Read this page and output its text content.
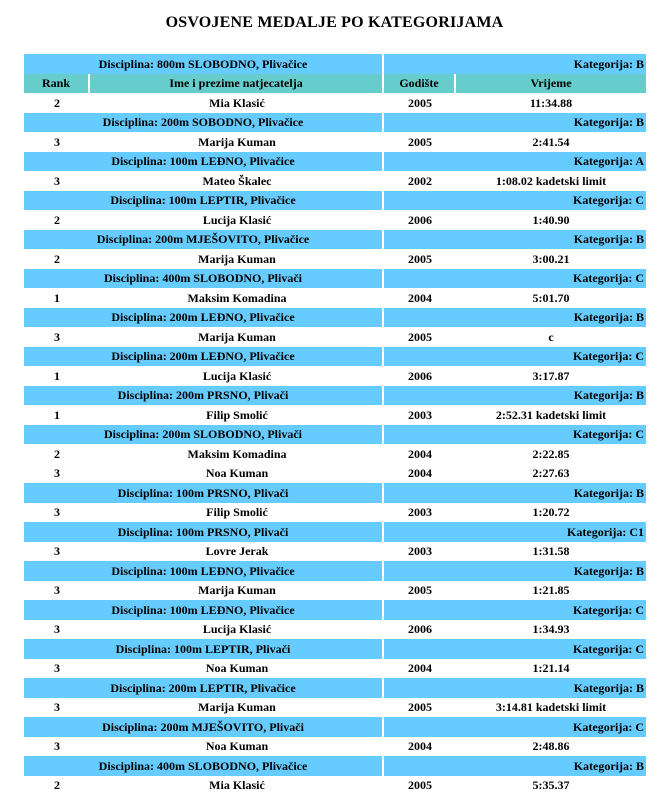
OSVOJENE MEDALJE PO KATEGORIJAMA
Disciplina: 800m SLOBODNO, Plivačice		Kategorija: B	
Rank	Ime i prezime natjecatelja	Godište	Vrijeme
2	Mia Klasić	2005	11:34.88
Disciplina: 200m SOBODNO, Plivačice		Kategorija: B	
3	Marija Kuman	2005	2:41.54
Disciplina: 100m LEĐNO, Plivačice		Kategorija: A	
3	Mateo Škalec	2002	1:08.02 kadetski limit
Disciplina: 100m LEPTIR, Plivačice		Kategorija: C	
2	Lucija Klasić	2006	1:40.90
Disciplina: 200m MJEŠOVITO, Plivačice		Kategorija: B	
2	Marija Kuman	2005	3:00.21
Disciplina: 400m SLOBODNO, Plivači		Kategorija: C	
1	Maksim Komadina	2004	5:01.70
Disciplina: 200m LEĐNO, Plivačice		Kategorija: B	
3	Marija Kuman	2005	c
Disciplina: 200m LEĐNO, Plivačice		Kategorija: C	
1	Lucija Klasić	2006	3:17.87
Disciplina: 200m PRSNO, Plivači		Kategorija: B	
1	Filip Smolić	2003	2:52.31 kadetski limit
Disciplina: 200m SLOBODNO, Plivači		Kategorija: C	
2	Maksim Komadina	2004	2:22.85
3	Noa Kuman	2004	2:27.63
Disciplina: 100m PRSNO, Plivači		Kategorija: B	
3	Filip Smolić	2003	1:20.72
Disciplina: 100m PRSNO, Plivači		Kategorija: C1	
3	Lovre Jerak	2003	1:31.58
Disciplina: 100m LEĐNO, Plivačice		Kategorija: B	
3	Marija Kuman	2005	1:21.85
Disciplina: 100m LEĐNO, Plivačice		Kategorija: C	
3	Lucija Klasić	2006	1:34.93
Disciplina: 100m LEPTIR, Plivači		Kategorija: C	
3	Noa Kuman	2004	1:21.14
Disciplina: 200m LEPTIR, Plivačice		Kategorija: B	
3	Marija Kuman	2005	3:14.81 kadetski limit
Disciplina: 200m MJEŠOVITO, Plivači		Kategorija: C	
3	Noa Kuman	2004	2:48.86
Disciplina: 400m SLOBODNO, Plivačice		Kategorija: B	
2	Mia Klasić	2005	5:35.37
